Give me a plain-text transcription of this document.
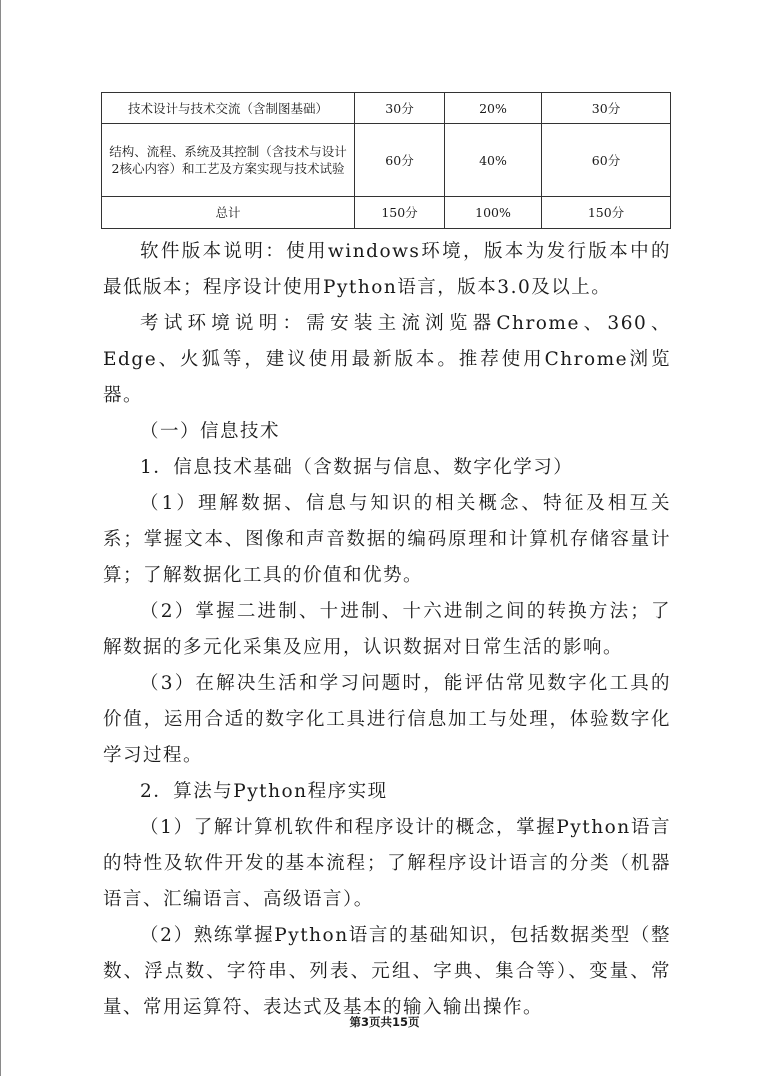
技术设计与技术交流（含制图基础）	30分	20%	30分
结构、流程、系统及其控制（含技术与设计2核心内容）和工艺及方案实现与技术试验	60分	40%	60分
总计	150分	100%	150分

软件版本说明：使用windows环境，版本为发行版本中的最低版本；程序设计使用Python语言，版本3.0及以上。

考试环境说明：需安装主流浏览器Chrome、360、Edge、火狐等，建议使用最新版本。推荐使用Chrome浏览器。

（一）信息技术

1．信息技术基础（含数据与信息、数字化学习）

（1）理解数据、信息与知识的相关概念、特征及相互关系；掌握文本、图像和声音数据的编码原理和计算机存储容量计算；了解数据化工具的价值和优势。

（2）掌握二进制、十进制、十六进制之间的转换方法；了解数据的多元化采集及应用，认识数据对日常生活的影响。

（3）在解决生活和学习问题时，能评估常见数字化工具的价值，运用合适的数字化工具进行信息加工与处理，体验数字化学习过程。

2．算法与Python程序实现

（1）了解计算机软件和程序设计的概念，掌握Python语言的特性及软件开发的基本流程；了解程序设计语言的分类（机器语言、汇编语言、高级语言）。

（2）熟练掌握Python语言的基础知识，包括数据类型（整数、浮点数、字符串、列表、元组、字典、集合等）、变量、常量、常用运算符、表达式及基本的输入输出操作。

第3页共15页
